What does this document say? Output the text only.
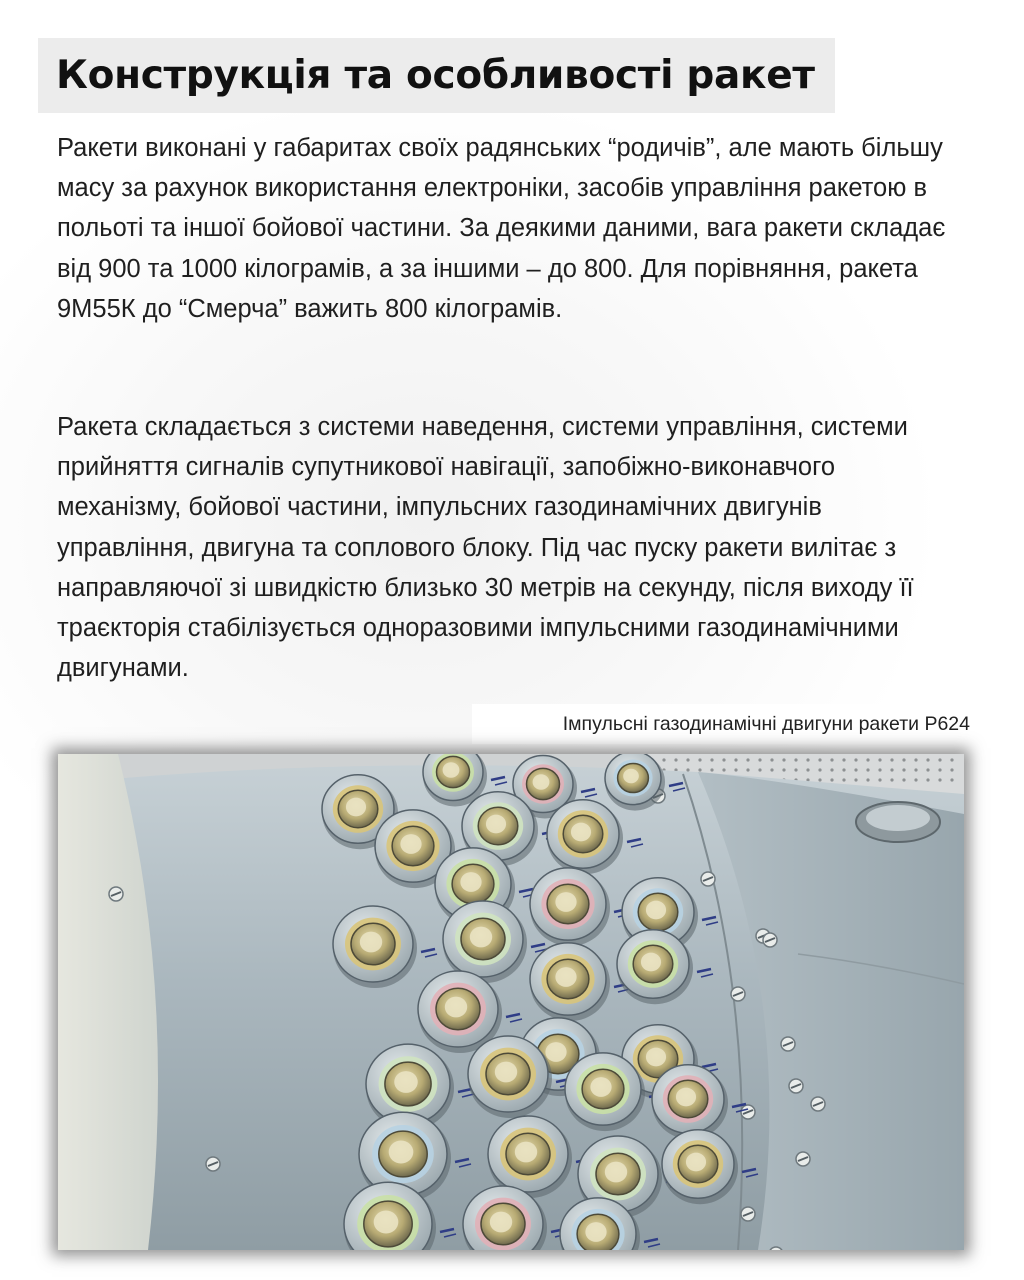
Конструкція та особливості ракет

Ракети виконані у габаритах своїх радянських “родичів”, але мають більшу масу за рахунок використання електроніки, засобів управління ракетою в польоті та іншої бойової частини. За деякими даними, вага ракети складає від 900 та 1000 кілограмів, а за іншими – до 800. Для порівняння, ракета 9М55К до “Смерча” важить 800 кілограмів.

Ракета складається з системи наведення, системи управління, системи прийняття сигналів супутникової навігації, запобіжно-виконавчого механізму, бойової частини, імпульсних газодинамічних двигунів управління, двигуна та соплового блоку. Під час пуску ракети вилітає з направляючої зі швидкістю близько 30 метрів на секунду, після виходу її траєкторія стабілізується одноразовими імпульсними газодинамічними двигунами.

Імпульсні газодинамічні двигуни ракети Р624
